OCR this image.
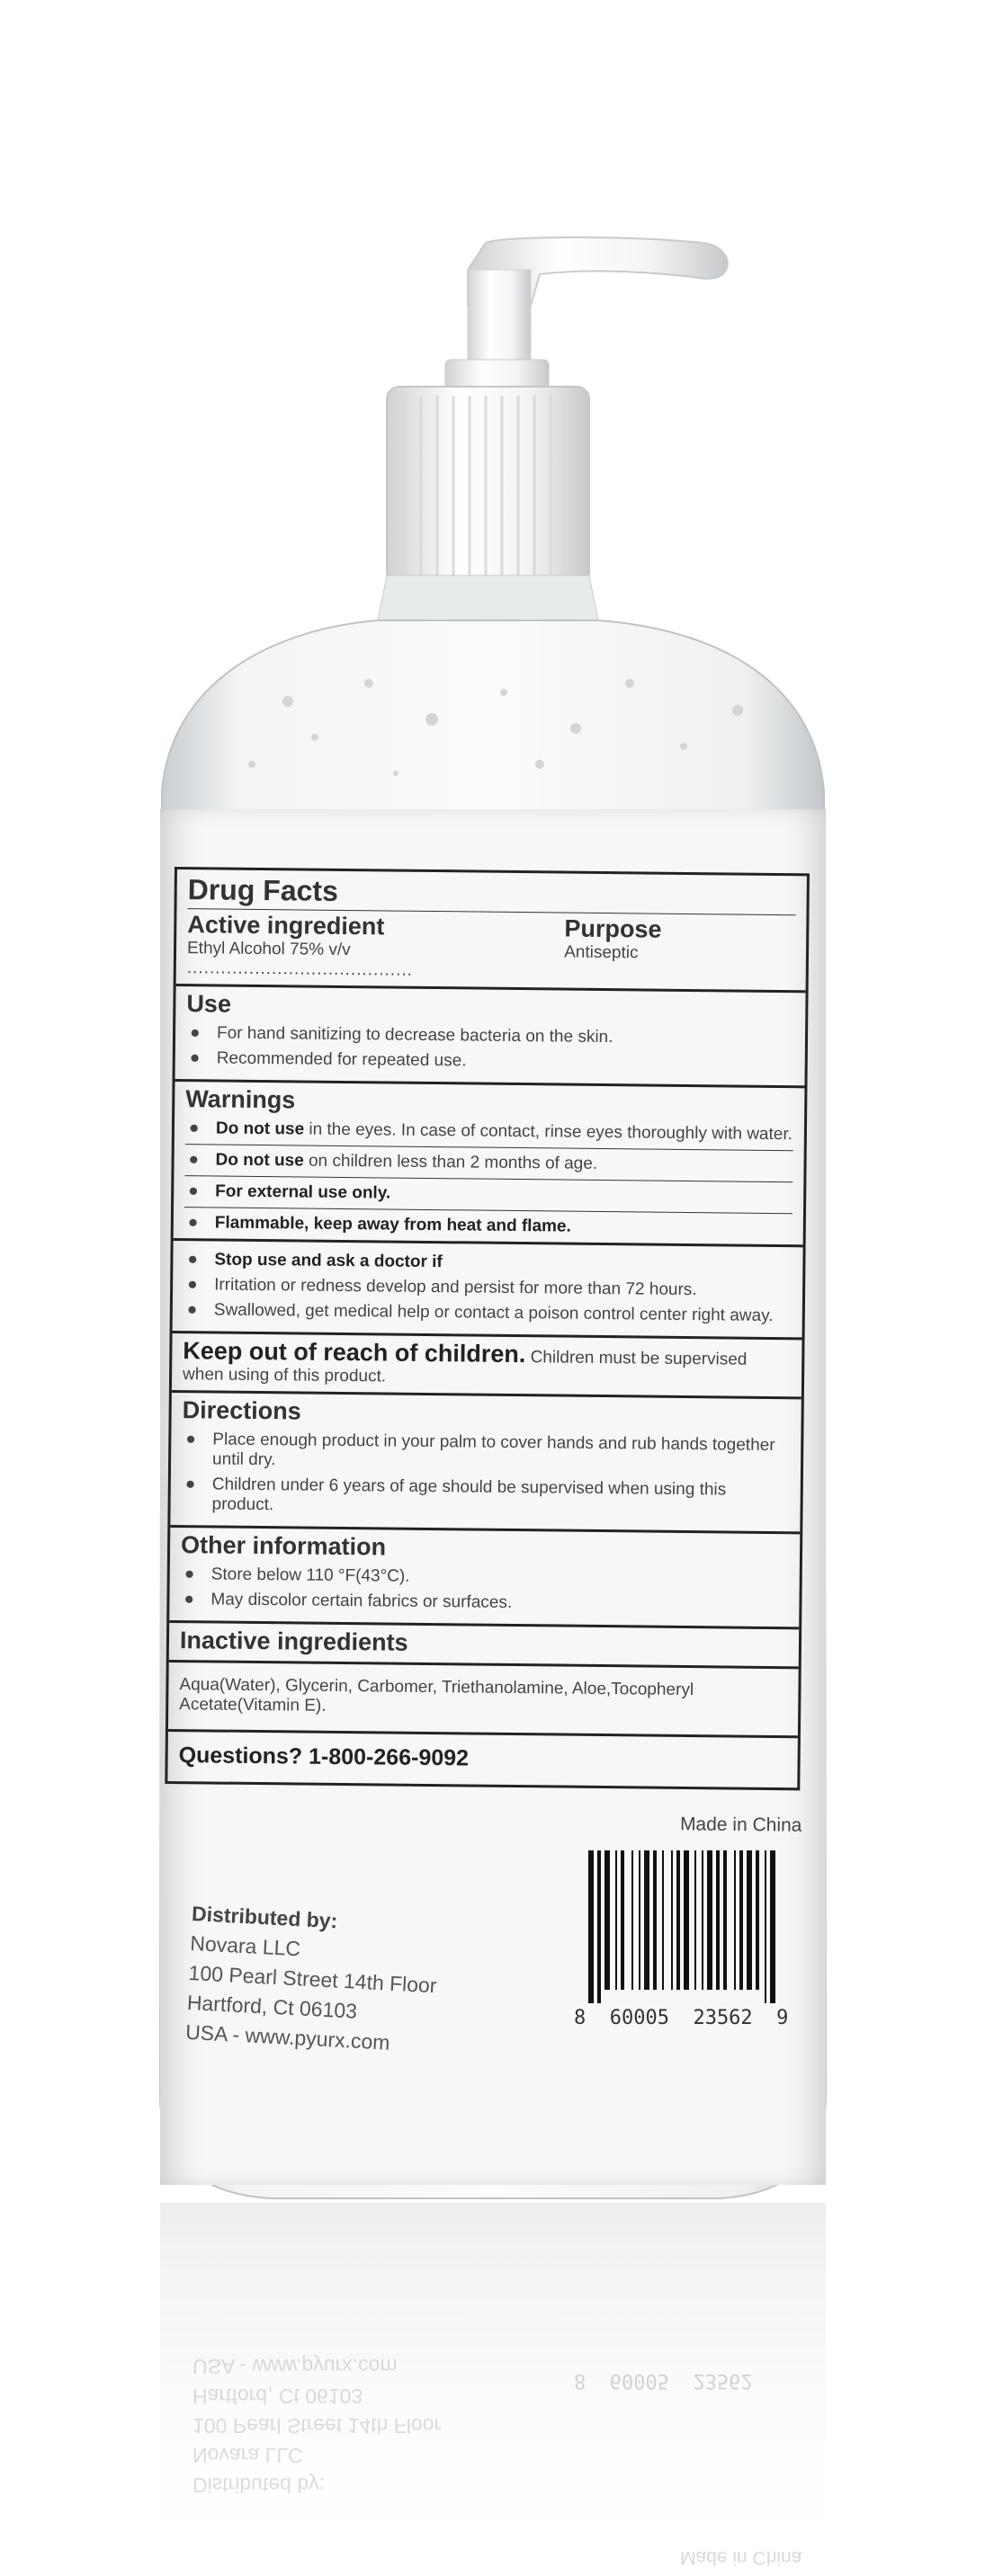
Drug Facts
Active ingredient	Purpose
Ethyl Alcohol 75% v/v ........................................
Antiseptic
Use
● For hand sanitizing to decrease bacteria on the skin.
● Recommended for repeated use.
Warnings
● Do not use in the eyes. In case of contact, rinse eyes thoroughly with water.
● Do not use on children less than 2 months of age.
● For external use only.
● Flammable, keep away from heat and flame.
● Stop use and ask a doctor if
● Irritation or redness develop and persist for more than 72 hours.
● Swallowed, get medical help or contact a poison control center right away.
Keep out of reach of children. Children must be supervised when using of this product.
Directions
● Place enough product in your palm to cover hands and rub hands together until dry.
● Children under 6 years of age should be supervised when using this product.
Other information
● Store below 110 °F(43°C).
● May discolor certain fabrics or surfaces.
Inactive ingredients
Aqua(Water), Glycerin, Carbomer, Triethanolamine, Aloe,Tocopheryl Acetate(Vitamin E).
Questions? 1-800-266-9092
Made in China
8  60005  23562  9
Distributed by:
Novara LLC
100 Pearl Street 14th Floor
Hartford, Ct 06103
USA - www.pyurx.com
Made in China
8  60005  23562
Distributed by:
Novara LLC
100 Pearl Street 14th Floor
Hartford, Ct 06103
USA - www.pyurx.com
